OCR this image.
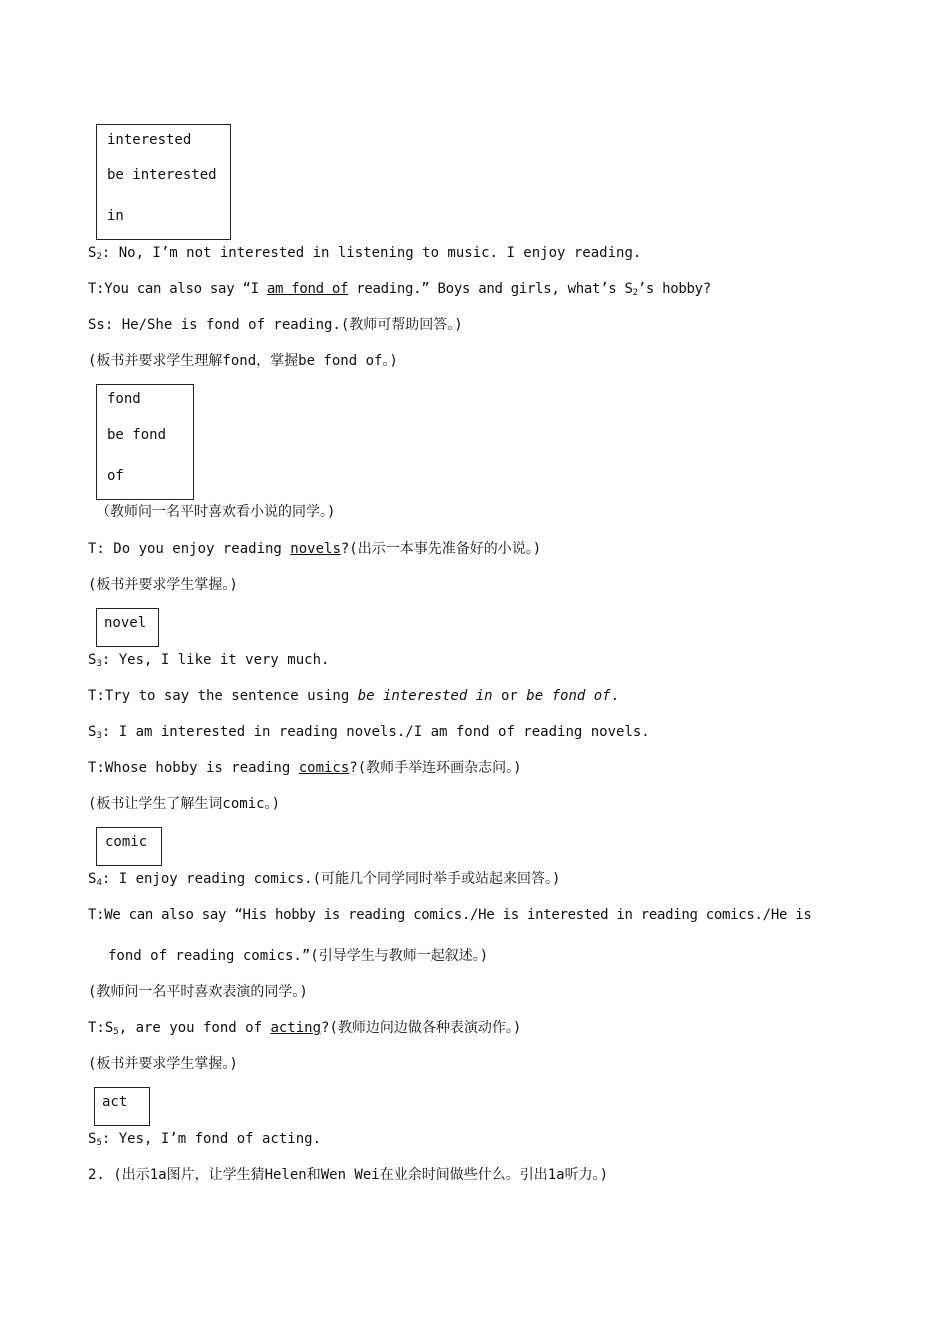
interested
be interested
in
$S_2$: No, I’m not interested in listening to music. I enjoy reading.
T:You can also say “I am fond of reading.” Boys and girls, what’s $S_2’s$ hobby?
Ss: He/She is fond of reading.(教师可帮助回答。)
(板书并要求学生理解fond，掌握be fond of。)
fond
be fond
of
（教师问一名平时喜欢看小说的同学。)
T: Do you enjoy reading novels?(出示一本事先准备好的小说。)
(板书并要求学生掌握。)
novel
$S_3$: Yes, I like it very much.
T:Try to say the sentence using be interested in or be fond of.
$S_3$: I am interested in reading novels./I am fond of reading novels.
T:Whose hobby is reading comics?(教师手举连环画杂志问。)
(板书让学生了解生词comic。)
comic
$S_4$: I enjoy reading comics.(可能几个同学同时举手或站起来回答。)
T:We can also say “His hobby is reading comics./He is interested in reading comics./He is
fond of reading comics.”(引导学生与教师一起叙述。)
(教师问一名平时喜欢表演的同学。)
$T:S_5$, are you fond of acting?(教师边问边做各种表演动作。)
(板书并要求学生掌握。)
act
$S_5$: Yes, I’m fond of acting.
2. (出示1a图片，让学生猜Helen和Wen Wei在业余时间做些什么。引出1a听力。)
